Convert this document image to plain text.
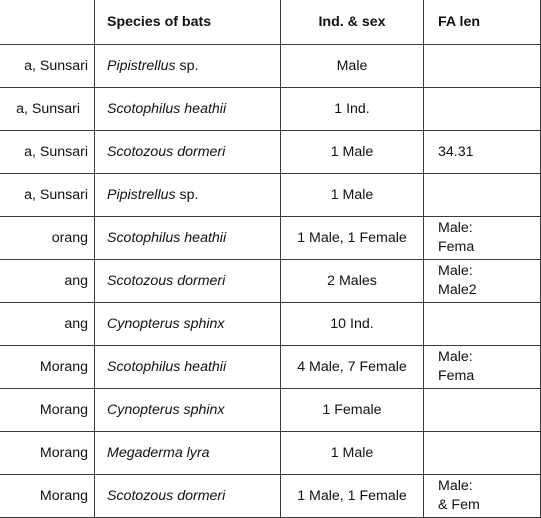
	Species of bats	Ind. & sex	FA len
a, Sunsari	Pipistrellus sp.	Male	
a, Sunsari	Scotophilus heathii	1 Ind.	
a, Sunsari	Scotozous dormeri	1 Male	34.31

a, Sunsari	Pipistrellus sp.	1 Male	
orang	Scotophilus heathii	1 Male, 1 Female	Male:
Fema

ang	Scotozous dormeri	2 Males	Male:
Male2

ang	Cynopterus sphinx	10 Ind.	
Morang	Scotophilus heathii	4 Male, 7 Female	Male:
Fema

Morang	Cynopterus sphinx	1 Female	
Morang	Megaderma lyra	1 Male	
Morang	Scotozous dormeri	1 Male, 1 Female	Male:
& Fem
